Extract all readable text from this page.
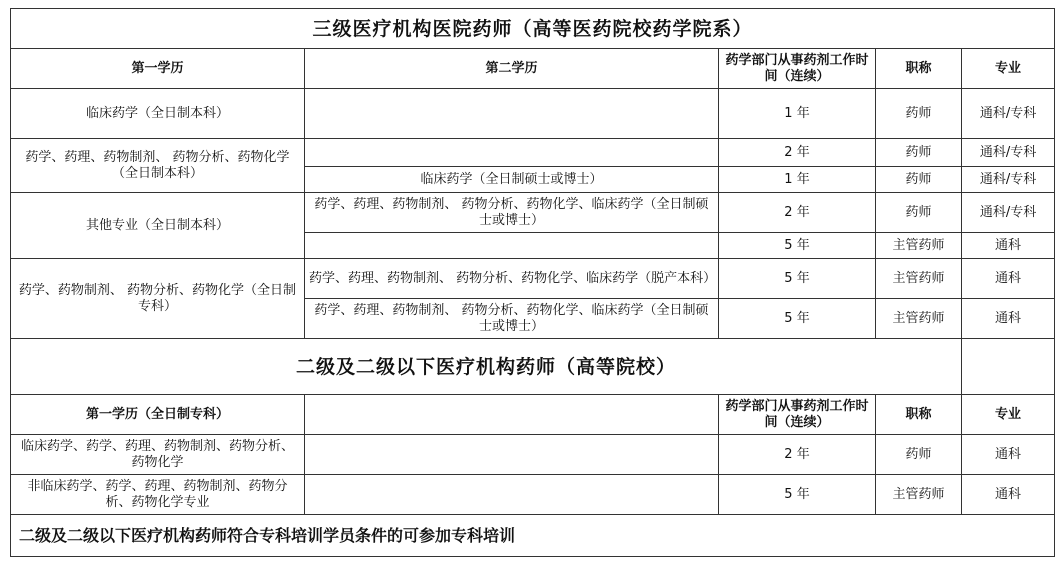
三级医疗机构医院药师（高等医药院校药学院系）				
第一学历	第二学历	药学部门从事药剂工作时间（连续）	职称	专业
临床药学（全日制本科）		1 年	药师	通科/专科
药学、药理、药物制剂、 药物分析、药物化学（全日制本科）		2 年	药师	通科/专科
	临床药学（全日制硕士或博士）	1 年	药师	通科/专科
其他专业（全日制本科）	药学、药理、药物制剂、 药物分析、药物化学、临床药学（全日制硕士或博士）	2 年	药师	通科/专科
		5 年	主管药师	通科
药学、药物制剂、 药物分析、药物化学（全日制专科）	药学、药理、药物制剂、 药物分析、药物化学、临床药学（脱产本科）	5 年	主管药师	通科
	药学、药理、药物制剂、 药物分析、药物化学、临床药学（全日制硕士或博士）	5 年	主管药师	通科
二级及二级以下医疗机构药师（高等院校）				
第一学历（全日制专科）		药学部门从事药剂工作时间（连续）	职称	专业
临床药学、药学、药理、药物制剂、药物分析、药物化学		2 年	药师	通科
非临床药学、药学、药理、药物制剂、药物分析、药物化学专业		5 年	主管药师	通科
二级及二级以下医疗机构药师符合专科培训学员条件的可参加专科培训				
